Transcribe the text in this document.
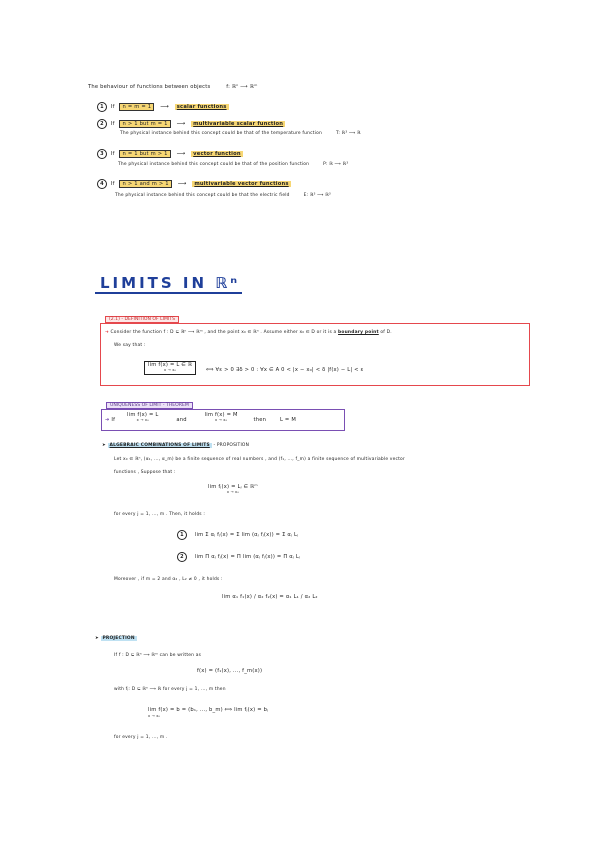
The behaviour of functions between objects	f: ℝⁿ ⟶ ℝᵐ
1 If n = m = 1 ⟶ scalar functions
2 If n > 1 but m = 1 ⟶ multivariable scalar function
The physical instance behind this concept could be that of the temperature function	T: ℝ³ ⟶ ℝ
3 If n = 1 but m > 1 ⟶ vector function
The physical instance behind this concept could be that of the position function	P: ℝ ⟶ ℝ³
4 If n > 1 and m > 1 ⟶ multivariable vector functions
The physical instance behind this concept could be that the electric field	E: ℝ³ ⟶ ℝ³
LIMITS IN ℝⁿ
(2.1) - DEFINITION OF LIMITS
➜ Consider the function f : D ⊆ ℝⁿ ⟶ ℝᵐ , and the point x₀ ∈ ℝⁿ . Assume either x₀ ∈ D or it is a boundary point of D.
We say that :
lim f(x) = L ∈ ℝ
x → x₀	⟺ ∀ε > 0 ∃δ > 0 : ∀x ∈ A 0 < |x − x₀| < δ |f(x) − L| < ε
UNIQUENESS OF LIMIT - THEOREM
➜ If lim f(x) = L
x → x₀	and lim f(x) = M
x → x₀	then	L = M
➤ ALGEBRAIC COMBINATIONS OF LIMITS - PROPOSITION
Let x₀ ∈ ℝⁿ, (α₁, ..., α_m) be a finite sequence of real numbers , and (f₁, ..., f_m) a finite sequence of multivariable vector
functions , Suppose that :
lim fⱼ(x) = Lⱼ ∈ ℝᵐ
x → x₀
for every j = 1, ..., m . Then, it holds :
1 lim Σ αⱼ fⱼ(x) = Σ lim (αⱼ fⱼ(x)) = Σ αⱼ Lⱼ
2 lim Π αⱼ fⱼ(x) = Π lim (αⱼ fⱼ(x)) = Π αⱼ Lⱼ
Moreover , if m = 2 and α₂ , L₂ ≠ 0 , it holds :
lim α₁ f₁(x) / α₂ f₂(x) = α₁ L₁ / α₂ L₂
➤ PROJECTION
If f : D ⊆ ℝⁿ ⟶ ℝᵐ can be written as
f(x) = (f₁(x), ..., f_m(x))
with fⱼ: D ⊆ ℝⁿ ⟶ ℝ for every j = 1, ..., m then
lim f(x) = b = (b₁, ..., b_m) ⟺ lim fⱼ(x) = bⱼ
x → x₀
for every j = 1, ..., m .
